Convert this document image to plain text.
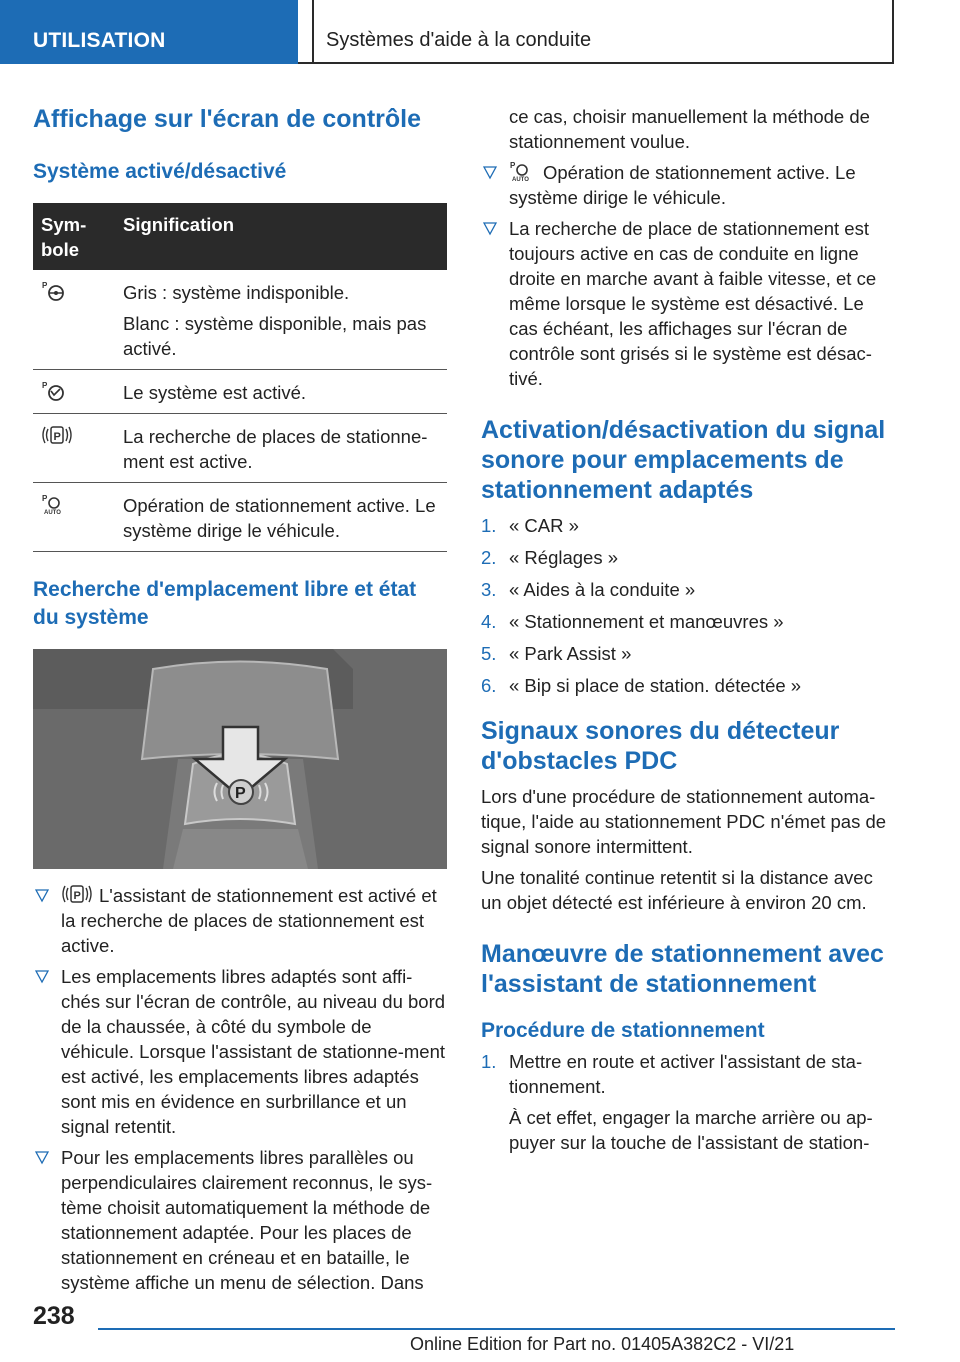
UTILISATION	Systèmes d'aide à la conduite
Affichage sur l'écran de contrôle
Système activé/désactivé
Sym-bole	Signification

P	Gris : système indisponible.

Blanc : système disponible, mais pas activé.

P	Le système est activé.

P	La recherche de places de stationne-ment est active.

P
AUTO	Opération de stationnement active. Le système dirige le véhicule.

Recherche d'emplacement libre et état du système
P
P L'assistant de stationnement est activé et la recherche de places de stationnement est active.
Les emplacements libres adaptés sont affi-chés sur l'écran de contrôle, au niveau du bord de la chaussée, à côté du symbole de véhicule. Lorsque l'assistant de stationne-ment est activé, les emplacements libres adaptés sont mis en évidence en surbrillance et un signal retentit.
Pour les emplacements libres parallèles ou perpendiculaires clairement reconnus, le sys-tème choisit automatiquement la méthode de stationnement adaptée. Pour les places de stationnement en créneau et en bataille, le système affiche un menu de sélection. Dans

ce cas, choisir manuellement la méthode de stationnement voulue.

P
AUTO Opération de stationnement active. Le système dirige le véhicule.
La recherche de place de stationnement est toujours active en cas de conduite en ligne droite en marche avant à faible vitesse, et ce même lorsque le système est désactivé. Le cas échéant, les affichages sur l'écran de contrôle sont grisés si le système est désac-tivé.
Activation/désactivation du signal sonore pour emplacements de stationnement adaptés
1. « CAR »
2. « Réglages »
3. « Aides à la conduite »
4. « Stationnement et manœuvres »
5. « Park Assist »
6. « Bip si place de station. détectée »
Signaux sonores du détecteur d'obstacles PDC

Lors d'une procédure de stationnement automa-tique, l'aide au stationnement PDC n'émet pas de signal sonore intermittent.

Une tonalité continue retentit si la distance avec un objet détecté est inférieure à environ 20 cm.

Manœuvre de stationnement avec l'assistant de stationnement
Procédure de stationnement
1. Mettre en route et activer l'assistant de sta-tionnement.

À cet effet, engager la marche arrière ou ap-puyer sur la touche de l'assistant de station-

238
Online Edition for Part no. 01405A382C2 - VI/21
